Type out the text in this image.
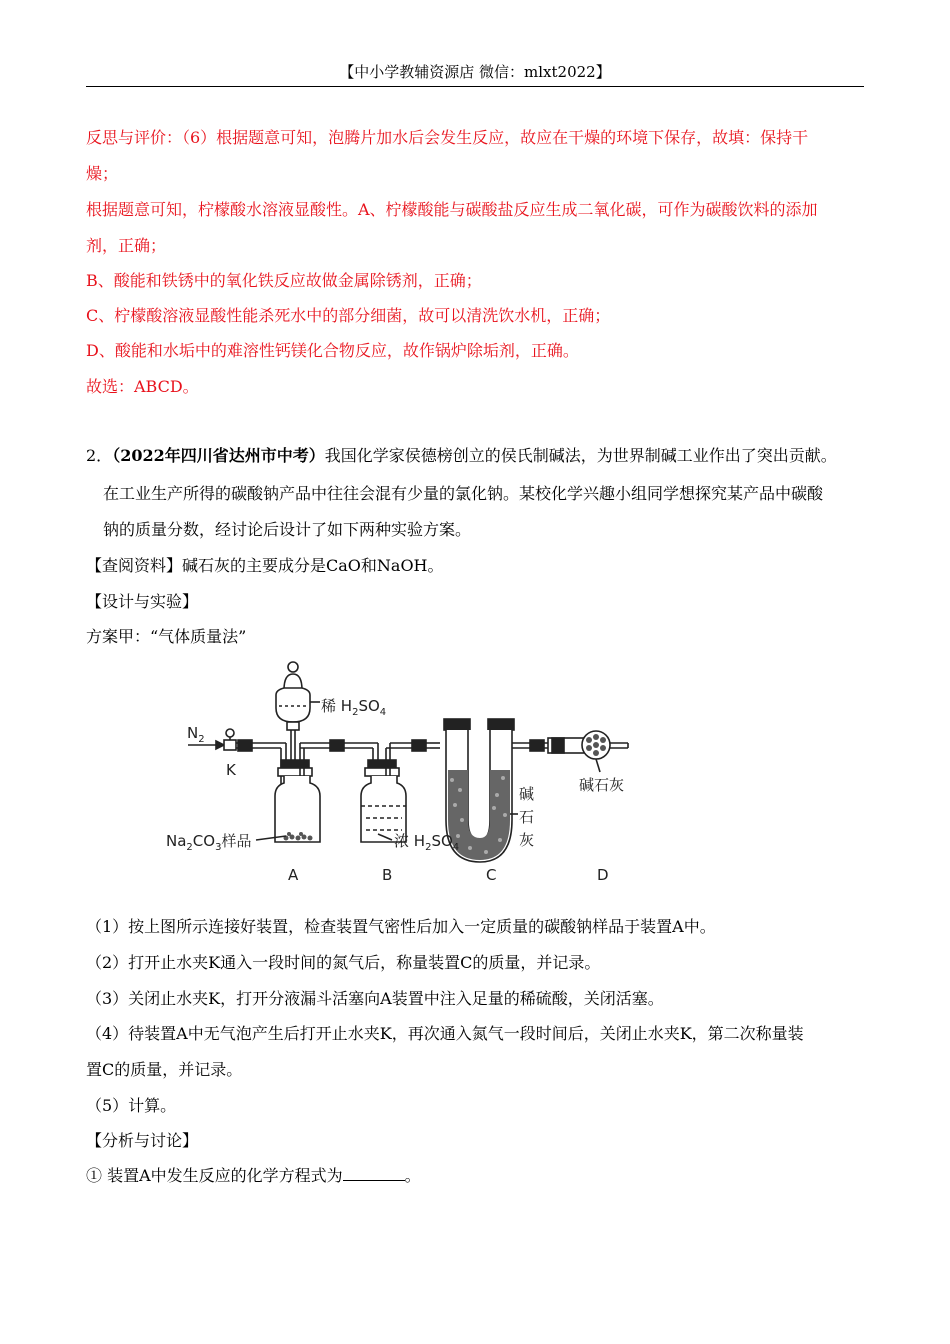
【中小学教辅资源店 微信：mlxt2022】
反思与评价：（6）根据题意可知，泡腾片加水后会发生反应，故应在干燥的环境下保存，故填：保持干
燥；
根据题意可知，柠檬酸水溶液显酸性。A、柠檬酸能与碳酸盐反应生成二氧化碳，可作为碳酸饮料的添加
剂，正确；
B、酸能和铁锈中的氧化铁反应故做金属除锈剂，正确；
C、柠檬酸溶液显酸性能杀死水中的部分细菌，故可以清洗饮水机，正确；
D、酸能和水垢中的难溶性钙镁化合物反应，故作锅炉除垢剂，正确。
故选：ABCD。
2．（2022年四川省达州市中考）我国化学家侯德榜创立的侯氏制碱法，为世界制碱工业作出了突出贡献。
在工业生产所得的碳酸钠产品中往往会混有少量的氯化钠。某校化学兴趣小组同学想探究某产品中碳酸
钠的质量分数，经讨论后设计了如下两种实验方案。
【查阅资料】碱石灰的主要成分是CaO和NaOH。
【设计与实验】
方案甲：“气体质量法”
$N_2$
K
稀 $H_2SO_4$
$Na_2CO_3$样品	浓 $H_2SO_4$
碱
石
灰
碱石灰
A	B	C	D
（1）按上图所示连接好装置，检查装置气密性后加入一定质量的碳酸钠样品于装置A中。
（2）打开止水夹K通入一段时间的氮气后，称量装置C的质量，并记录。
（3）关闭止水夹K，打开分液漏斗活塞向A装置中注入足量的稀硫酸，关闭活塞。
（4）待装置A中无气泡产生后打开止水夹K，再次通入氮气一段时间后，关闭止水夹K，第二次称量装
置C的质量，并记录。
（5）计算。
【分析与讨论】
① 装置A中发生反应的化学方程式为	。
